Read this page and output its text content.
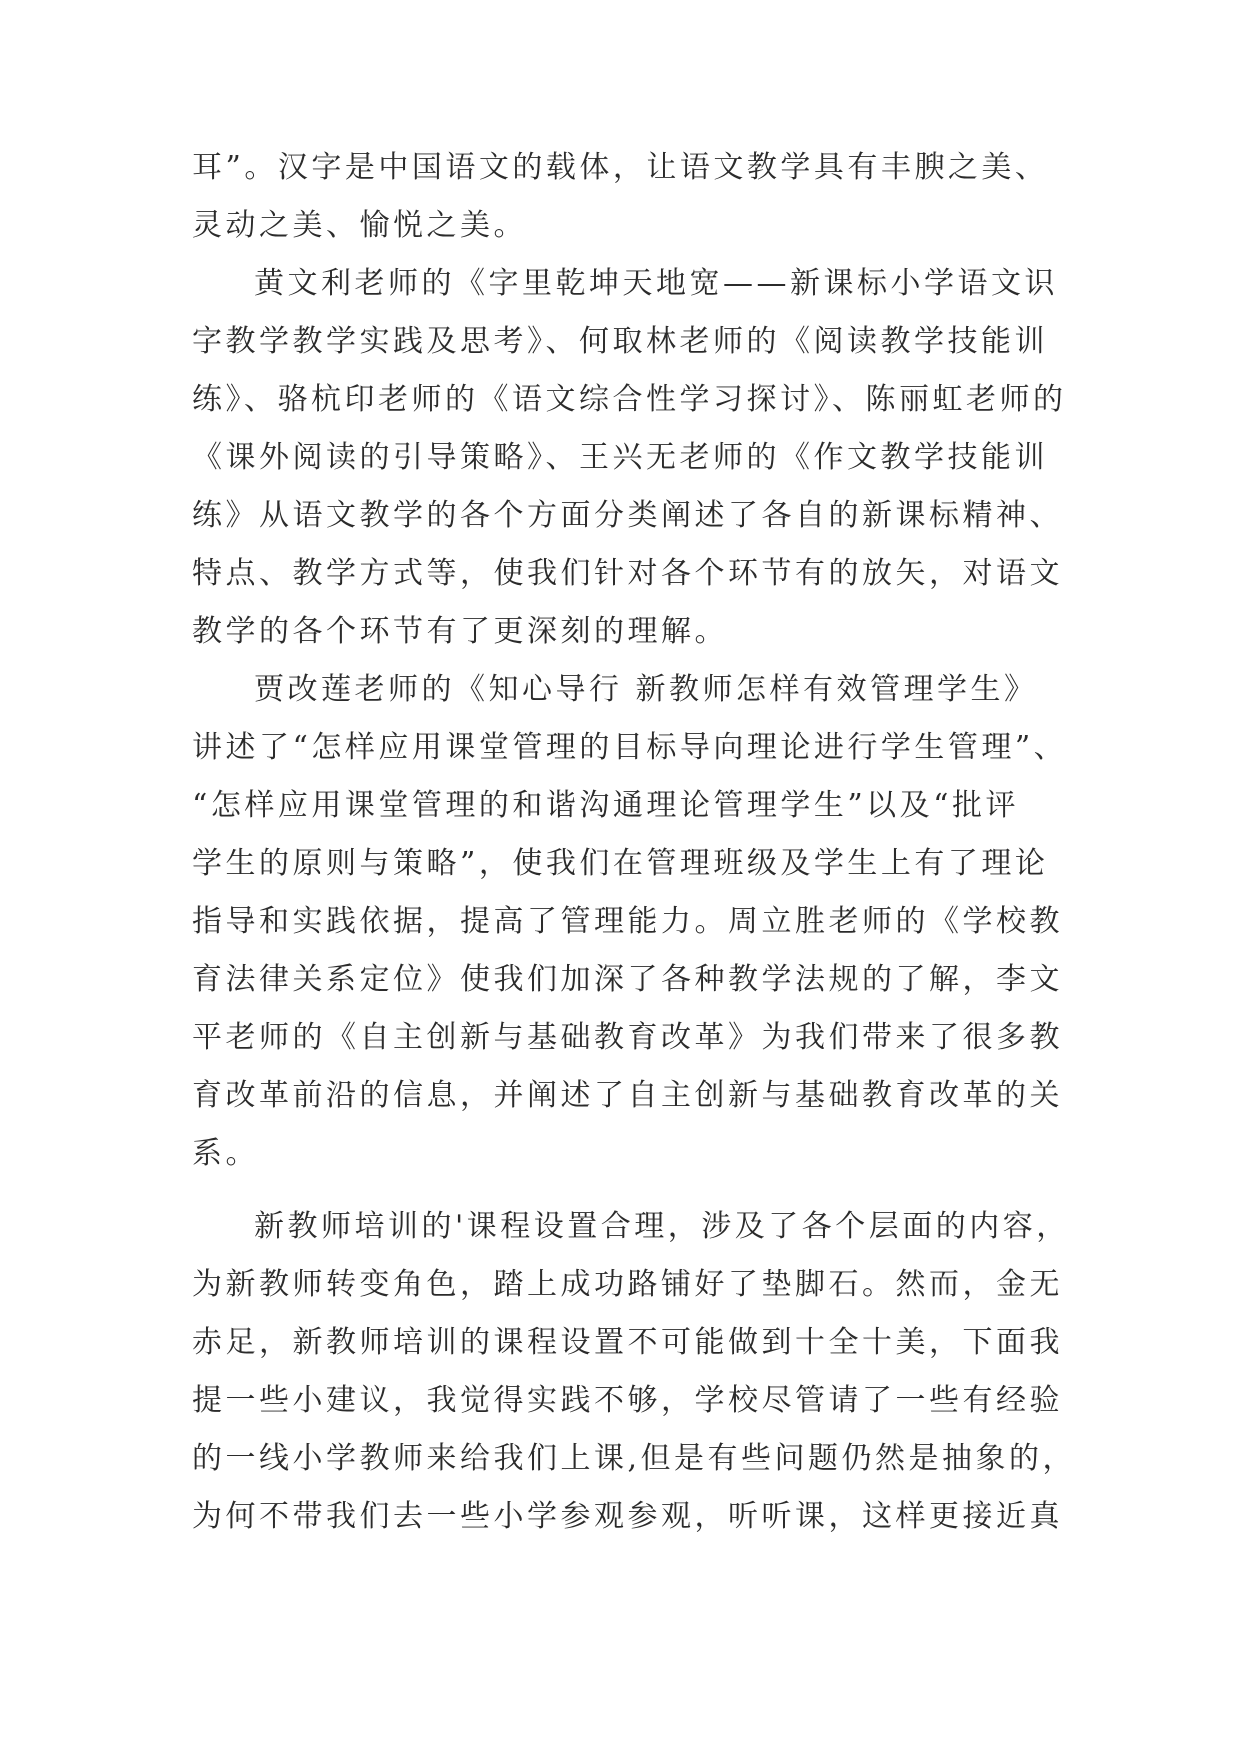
耳”。汉字是中国语文的载体，让语文教学具有丰腴之美、
灵动之美、愉悦之美。
黄文利老师的《字里乾坤天地宽——新课标小学语文识
字教学教学实践及思考》、何取林老师的《阅读教学技能训
练》、骆杭印老师的《语文综合性学习探讨》、陈丽虹老师的
《课外阅读的引导策略》、王兴无老师的《作文教学技能训
练》从语文教学的各个方面分类阐述了各自的新课标精神、
特点、教学方式等，使我们针对各个环节有的放矢，对语文
教学的各个环节有了更深刻的理解。
贾改莲老师的《知心导行 新教师怎样有效管理学生》
讲述了“怎样应用课堂管理的目标导向理论进行学生管理”、
“怎样应用课堂管理的和谐沟通理论管理学生”以及“批评
学生的原则与策略”，使我们在管理班级及学生上有了理论
指导和实践依据，提高了管理能力。周立胜老师的《学校教
育法律关系定位》使我们加深了各种教学法规的了解，李文
平老师的《自主创新与基础教育改革》为我们带来了很多教
育改革前沿的信息，并阐述了自主创新与基础教育改革的关
系。
新教师培训的'课程设置合理，涉及了各个层面的内容，
为新教师转变角色，踏上成功路铺好了垫脚石。然而，金无
赤足，新教师培训的课程设置不可能做到十全十美，下面我
提一些小建议，我觉得实践不够，学校尽管请了一些有经验
的一线小学教师来给我们上课,但是有些问题仍然是抽象的，
为何不带我们去一些小学参观参观，听听课，这样更接近真
